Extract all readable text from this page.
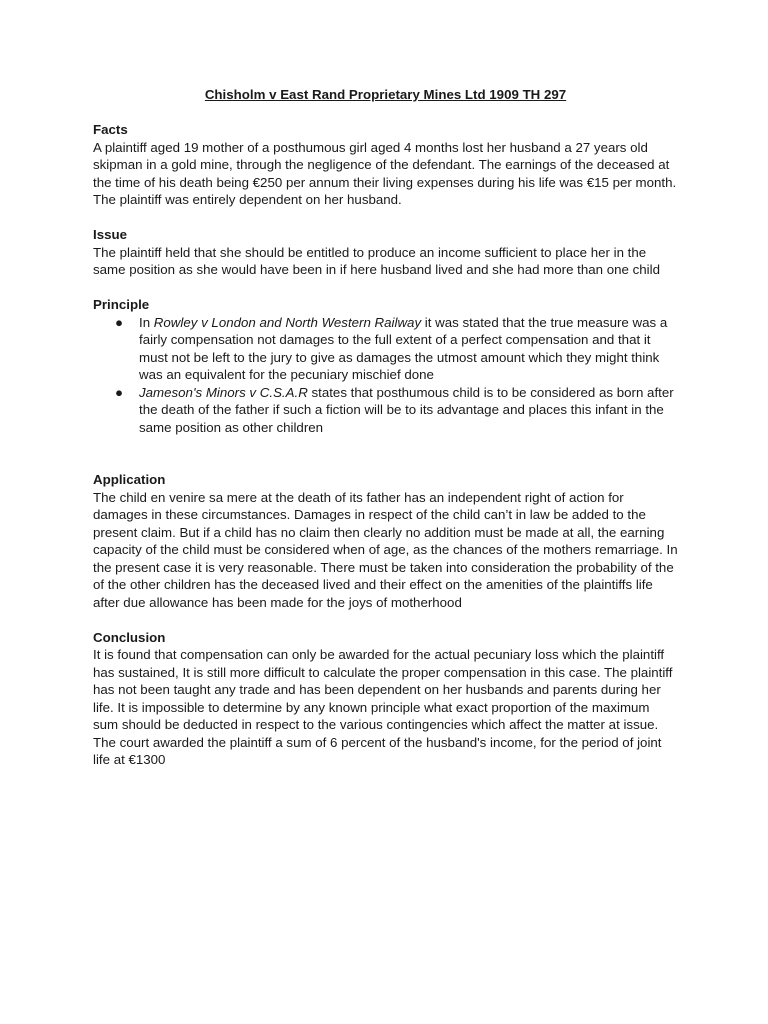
Chisholm v East Rand Proprietary Mines Ltd 1909 TH 297
Facts
A plaintiff aged 19 mother of a posthumous girl aged 4 months lost her husband a 27 years old skipman in a gold mine, through the negligence of the defendant. The earnings of the deceased at the time of his death being €250 per annum their living expenses during his life was €15 per month. The plaintiff was entirely dependent on her husband.
Issue
The plaintiff held that she should be entitled to produce an income sufficient to place her in the same position as she would have been in if here husband lived and she had more than one child
Principle
● In Rowley v London and North Western Railway it was stated that the true measure was a fairly compensation not damages to the full extent of a perfect compensation and that it must not be left to the jury to give as damages the utmost amount which they might think was an equivalent for the pecuniary mischief done
● Jameson's Minors v C.S.A.R states that posthumous child is to be considered as born after the death of the father if such a fiction will be to its advantage and places this infant in the same position as other children
Application
The child en venire sa mere at the death of its father has an independent right of action for damages in these circumstances. Damages in respect of the child can’t in law be added to the present claim. But if a child has no claim then clearly no addition must be made at all, the earning capacity of the child must be considered when of age, as the chances of the mothers remarriage. In the present case it is very reasonable. There must be taken into consideration the probability of the of the other children has the deceased lived and their effect on the amenities of the plaintiffs life after due allowance has been made for the joys of motherhood
Conclusion
It is found that compensation can only be awarded for the actual pecuniary loss which the plaintiff has sustained, It is still more difficult to calculate the proper compensation in this case. The plaintiff has not been taught any trade and has been dependent on her husbands and parents during her life. It is impossible to determine by any known principle what exact proportion of the maximum sum should be deducted in respect to the various contingencies which affect the matter at issue. The court awarded the plaintiff a sum of 6 percent of the husband's income, for the period of joint life at €1300
